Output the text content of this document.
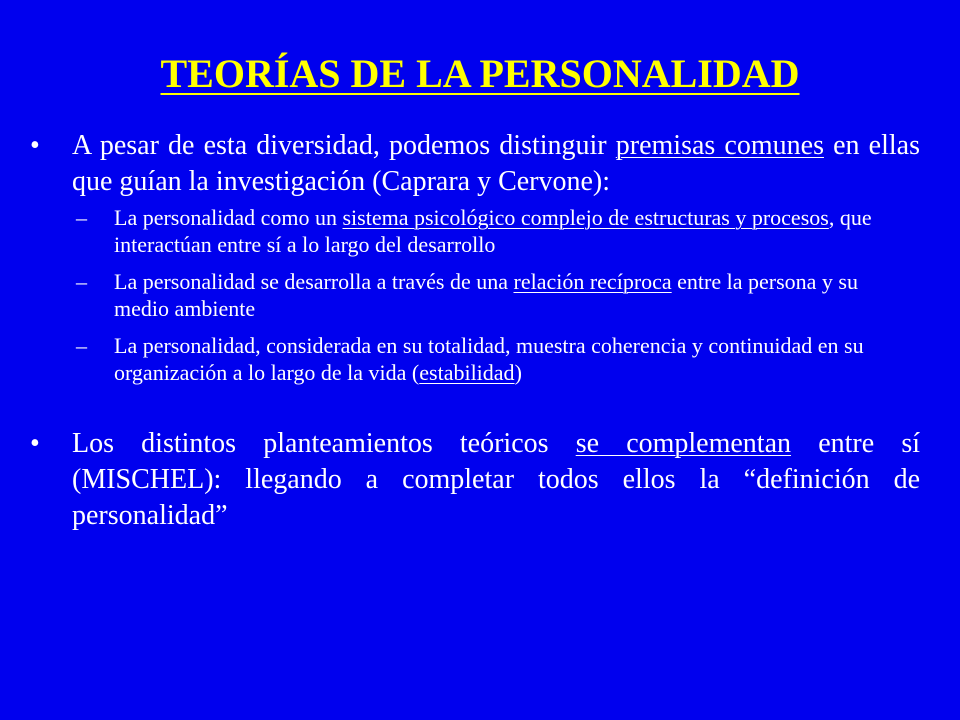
TEORÍAS DE LA PERSONALIDAD
• A pesar de esta diversidad, podemos distinguir premisas comunes en ellas que guían la investigación (Caprara y Cervone):
– La personalidad como un sistema psicológico complejo de estructuras y procesos, que interactúan entre sí a lo largo del desarrollo
– La personalidad se desarrolla a través de una relación recíproca entre la persona y su medio ambiente
– La personalidad, considerada en su totalidad, muestra coherencia y continuidad en su organización a lo largo de la vida (estabilidad)
• Los distintos planteamientos teóricos se complementan entre sí (MISCHEL): llegando a completar todos ellos la “definición de personalidad”
